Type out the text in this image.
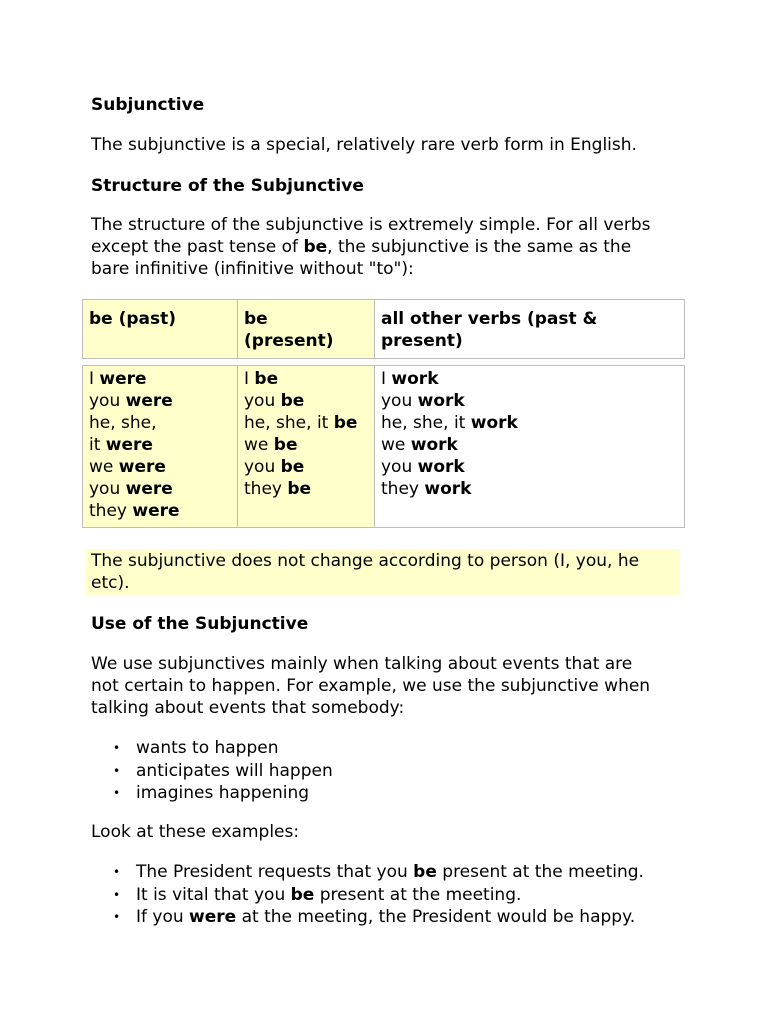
Subjunctive

The subjunctive is a special, relatively rare verb form in English.

Structure of the Subjunctive

The structure of the subjunctive is extremely simple. For all verbs
except the past tense of be, the subjunctive is the same as the
bare infinitive (infinitive without "to"):

be (past)	be
(present)
all other verbs (past &
present)
I were
you were
he, she,
it were
we were
you were
they were
I be
you be
he, she, it be
we be
you be
they be
I work
you work
he, she, it work
we work
you work
they work
The subjunctive does not change according to person (I, you, he
etc).
Use of the Subjunctive

We use subjunctives mainly when talking about events that are
not certain to happen. For example, we use the subjunctive when
talking about events that somebody:

• wants to happen
• anticipates will happen
• imagines happening

Look at these examples:

• The President requests that you be present at the meeting.
• It is vital that you be present at the meeting.
• If you were at the meeting, the President would be happy.
